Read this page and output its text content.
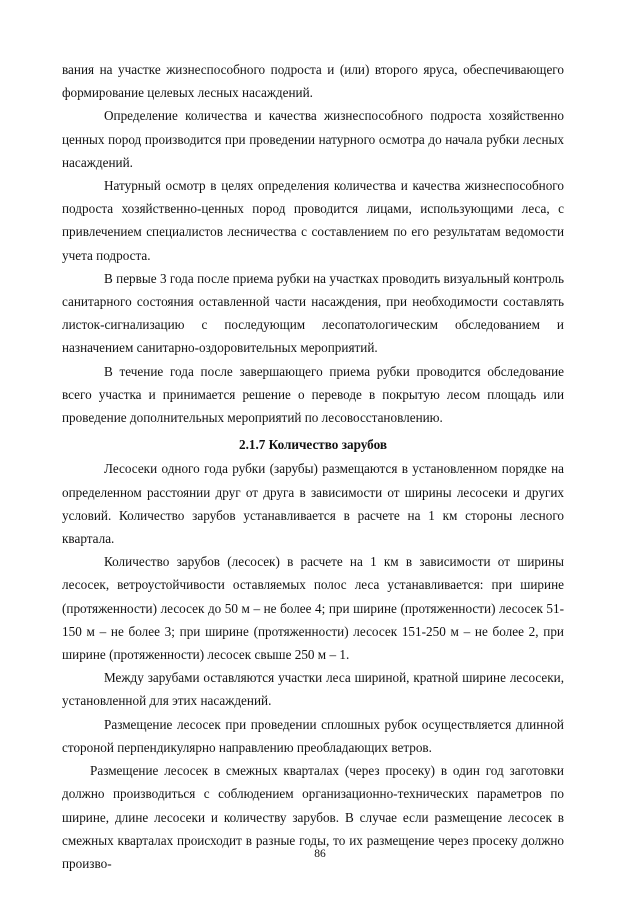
вания на участке жизнеспособного подроста и (или) второго яруса, обеспечивающего формирование целевых лесных насаждений.

Определение количества и качества жизнеспособного подроста хозяйственно ценных пород производится при проведении натурного осмотра до начала рубки лесных насаждений.

Натурный осмотр в целях определения количества и качества жизнеспособного подроста хозяйственно-ценных пород проводится лицами, использующими леса, с привлечением специалистов лесничества с составлением по его результатам ведомости учета подроста.

В первые 3 года после приема рубки на участках проводить визуальный контроль санитарного состояния оставленной части насаждения, при необходимости составлять листок-сигнализацию с последующим лесопатологическим обследованием и назначением санитарно-оздоровительных мероприятий.

В течение года после завершающего приема рубки проводится обследование всего участка и принимается решение о переводе в покрытую лесом площадь или проведение дополнительных мероприятий по лесовосстановлению.

2.1.7 Количество зарубов

Лесосеки одного года рубки (зарубы) размещаются в установленном порядке на определенном расстоянии друг от друга в зависимости от ширины лесосеки и других условий. Количество зарубов устанавливается в расчете на 1 км стороны лесного квартала.

Количество зарубов (лесосек) в расчете на 1 км в зависимости от ширины лесосек, ветроустойчивости оставляемых полос леса устанавливается: при ширине (протяженности) лесосек до 50 м – не более 4; при ширине (протяженности) лесосек 51-150 м – не более 3; при ширине (протяженности) лесосек 151-250 м – не более 2, при ширине (протяженности) лесосек свыше 250 м – 1.

Между зарубами оставляются участки леса шириной, кратной ширине лесосеки, установленной для этих насаждений.

Размещение лесосек при проведении сплошных рубок осуществляется длинной стороной перпендикулярно направлению преобладающих ветров.

Размещение лесосек в смежных кварталах (через просеку) в один год заготовки должно производиться с соблюдением организационно-технических параметров по ширине, длине лесосеки и количеству зарубов. В случае если размещение лесосек в смежных кварталах происходит в разные годы, то их размещение через просеку должно произво-

86
